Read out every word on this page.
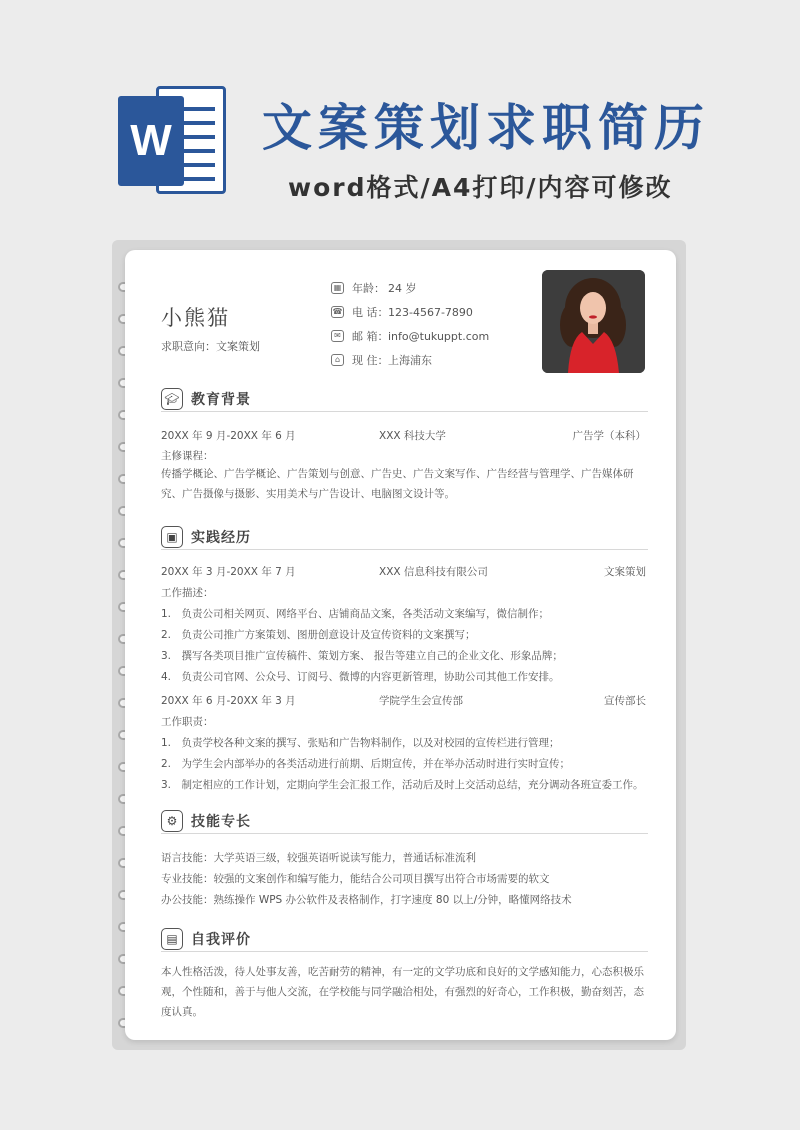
W 文案策划求职简历
word格式/A4打印/内容可修改
小熊猫
求职意向：文案策划
▦ 年龄： 24 岁
☎ 电 话： 123-4567-7890
✉ 邮 箱： info@tukuppt.com
⌂	现 住： 上海浦东
🎓︎ 教育背景
20XX 年 9 月-20XX 年 6 月	XXX 科技大学	广告学（本科）
主修课程：
传播学概论、广告学概论、广告策划与创意、广告史、广告文案写作、广告经营与管理学、广告媒体研究、广告摄像与摄影、实用美术与广告设计、电脑图文设计等。
▣ 实践经历
20XX 年 3 月-20XX 年 7 月	XXX 信息科技有限公司	文案策划
工作描述：
1.　负责公司相关网页、网络平台、店铺商品文案，各类活动文案编写，微信制作；
2.　负责公司推广方案策划、图册创意设计及宣传资料的文案撰写；
3.　撰写各类项目推广宣传稿件、策划方案、 报告等建立自己的企业文化、形象品牌；
4.　负责公司官网、公众号、订阅号、微博的内容更新管理，协助公司其他工作安排。
20XX 年 6 月-20XX 年 3 月	学院学生会宣传部	宣传部长
工作职责：
1.　负责学校各种文案的撰写、张贴和广告物料制作，以及对校园的宣传栏进行管理；
2.　为学生会内部举办的各类活动进行前期、后期宣传，并在举办活动时进行实时宣传；
3.　制定相应的工作计划，定期向学生会汇报工作，活动后及时上交活动总结，充分调动各班宣委工作。
⚙ 技能专长
语言技能：大学英语三级，较强英语听说读写能力，普通话标准流利
专业技能：较强的文案创作和编写能力，能结合公司项目撰写出符合市场需要的软文
办公技能：熟练操作 WPS 办公软件及表格制作，打字速度 80 以上/分钟，略懂网络技术
▤ 自我评价
本人性格活泼，待人处事友善，吃苦耐劳的精神，有一定的文学功底和良好的文学感知能力，心态积极乐观，个性随和，善于与他人交流，在学校能与同学融洽相处，有强烈的好奇心，工作积极，勤奋刻苦，态度认真。
